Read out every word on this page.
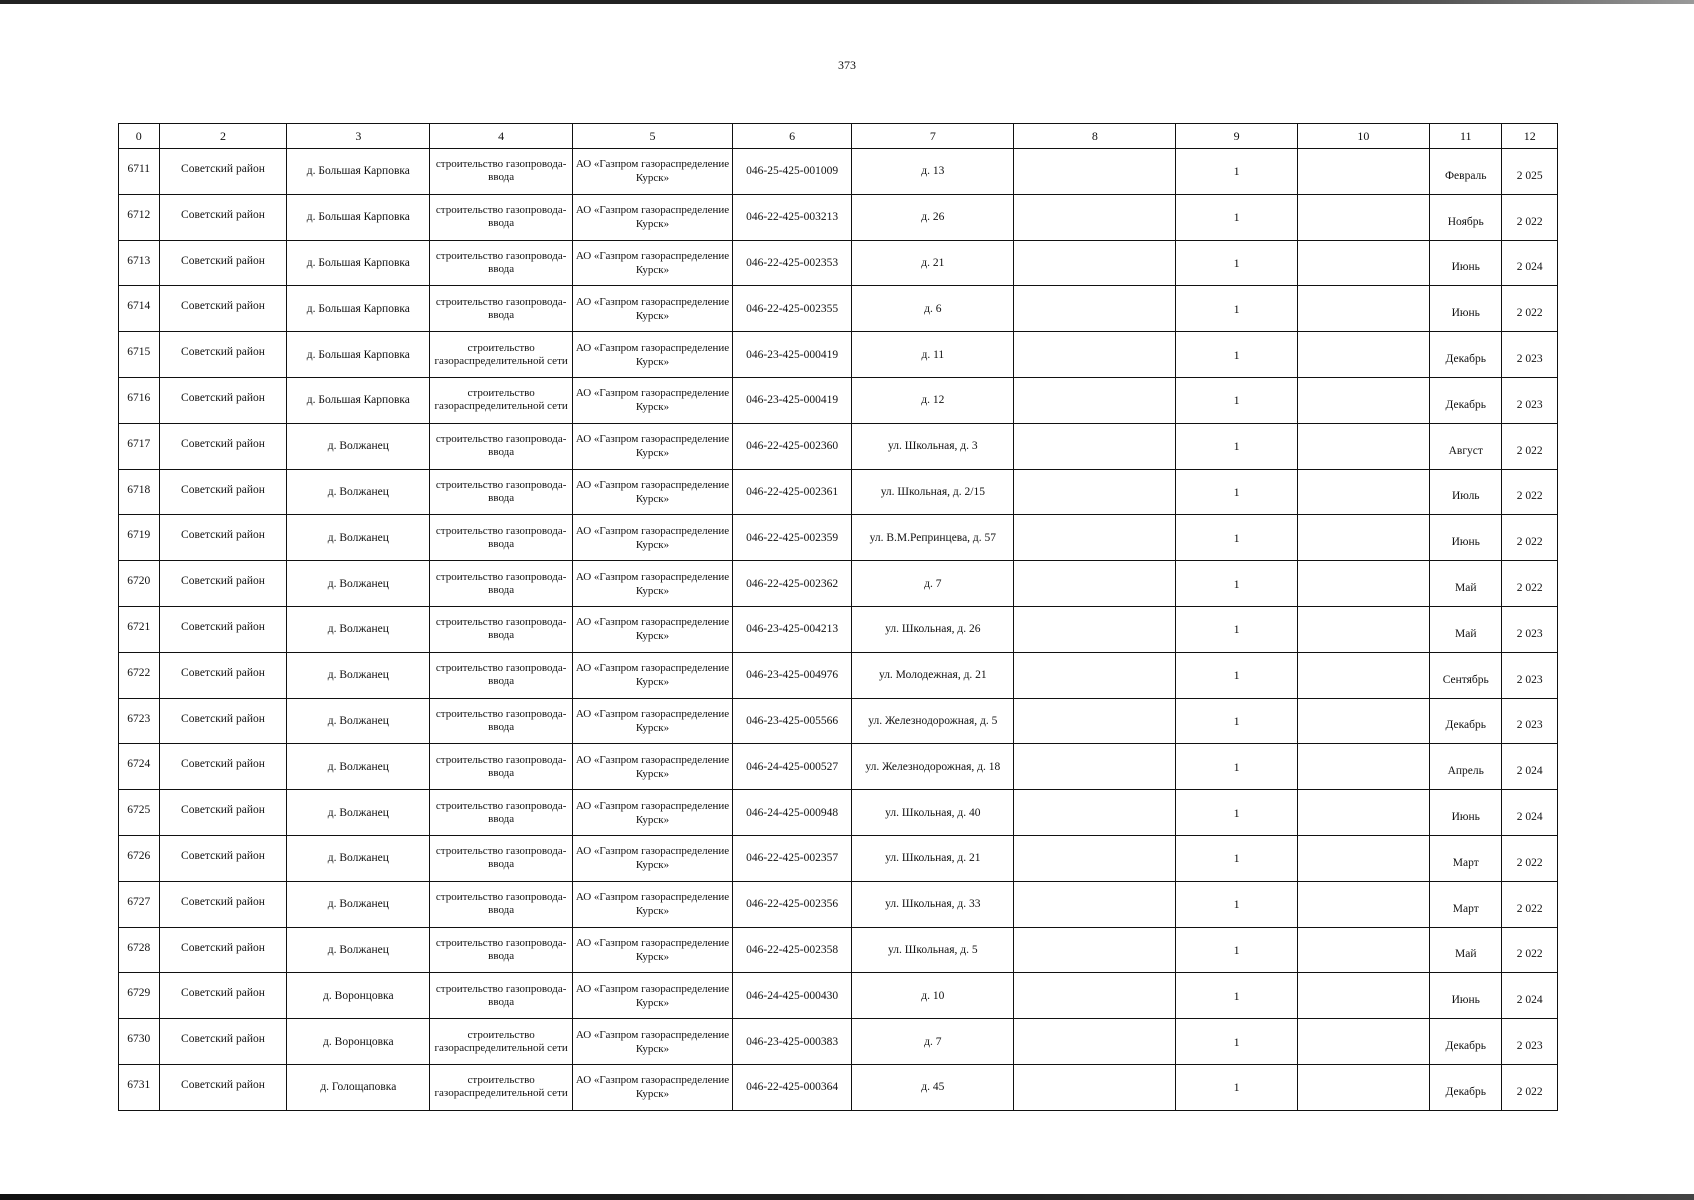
373
0	2	3	4	5	6	7	8	9	10	11	12
6711	Советский район	д. Большая Карповка	строительство газопровода-ввода	АО «Газпром газораспределение Курск»	046-25-425-001009	д. 13		1		Февраль	2 025
6712	Советский район	д. Большая Карповка	строительство газопровода-ввода	АО «Газпром газораспределение Курск»	046-22-425-003213	д. 26		1		Ноябрь	2 022
6713	Советский район	д. Большая Карповка	строительство газопровода-ввода	АО «Газпром газораспределение Курск»	046-22-425-002353	д. 21		1		Июнь	2 024
6714	Советский район	д. Большая Карповка	строительство газопровода-ввода	АО «Газпром газораспределение Курск»	046-22-425-002355	д. 6		1		Июнь	2 022
6715	Советский район	д. Большая Карповка	строительство газораспределительной сети	АО «Газпром газораспределение Курск»	046-23-425-000419	д. 11		1		Декабрь	2 023
6716	Советский район	д. Большая Карповка	строительство газораспределительной сети	АО «Газпром газораспределение Курск»	046-23-425-000419	д. 12		1		Декабрь	2 023
6717	Советский район	д. Волжанец	строительство газопровода-ввода	АО «Газпром газораспределение Курск»	046-22-425-002360	ул. Школьная, д. 3		1		Август	2 022
6718	Советский район	д. Волжанец	строительство газопровода-ввода	АО «Газпром газораспределение Курск»	046-22-425-002361	ул. Школьная, д. 2/15		1		Июль	2 022
6719	Советский район	д. Волжанец	строительство газопровода-ввода	АО «Газпром газораспределение Курск»	046-22-425-002359	ул. В.М.Репринцева, д. 57		1		Июнь	2 022
6720	Советский район	д. Волжанец	строительство газопровода-ввода	АО «Газпром газораспределение Курск»	046-22-425-002362	д. 7		1		Май	2 022
6721	Советский район	д. Волжанец	строительство газопровода-ввода	АО «Газпром газораспределение Курск»	046-23-425-004213	ул. Школьная, д. 26		1		Май	2 023
6722	Советский район	д. Волжанец	строительство газопровода-ввода	АО «Газпром газораспределение Курск»	046-23-425-004976	ул. Молодежная, д. 21		1		Сентябрь	2 023
6723	Советский район	д. Волжанец	строительство газопровода-ввода	АО «Газпром газораспределение Курск»	046-23-425-005566	ул. Железнодорожная, д. 5		1		Декабрь	2 023
6724	Советский район	д. Волжанец	строительство газопровода-ввода	АО «Газпром газораспределение Курск»	046-24-425-000527	ул. Железнодорожная, д. 18		1		Апрель	2 024
6725	Советский район	д. Волжанец	строительство газопровода-ввода	АО «Газпром газораспределение Курск»	046-24-425-000948	ул. Школьная, д. 40		1		Июнь	2 024
6726	Советский район	д. Волжанец	строительство газопровода-ввода	АО «Газпром газораспределение Курск»	046-22-425-002357	ул. Школьная, д. 21		1		Март	2 022
6727	Советский район	д. Волжанец	строительство газопровода-ввода	АО «Газпром газораспределение Курск»	046-22-425-002356	ул. Школьная, д. 33		1		Март	2 022
6728	Советский район	д. Волжанец	строительство газопровода-ввода	АО «Газпром газораспределение Курск»	046-22-425-002358	ул. Школьная, д. 5		1		Май	2 022
6729	Советский район	д. Воронцовка	строительство газопровода-ввода	АО «Газпром газораспределение Курск»	046-24-425-000430	д. 10		1		Июнь	2 024
6730	Советский район	д. Воронцовка	строительство газораспределительной сети	АО «Газпром газораспределение Курск»	046-23-425-000383	д. 7		1		Декабрь	2 023
6731	Советский район	д. Голощаповка	строительство газораспределительной сети	АО «Газпром газораспределение Курск»	046-22-425-000364	д. 45		1		Декабрь	2 022
